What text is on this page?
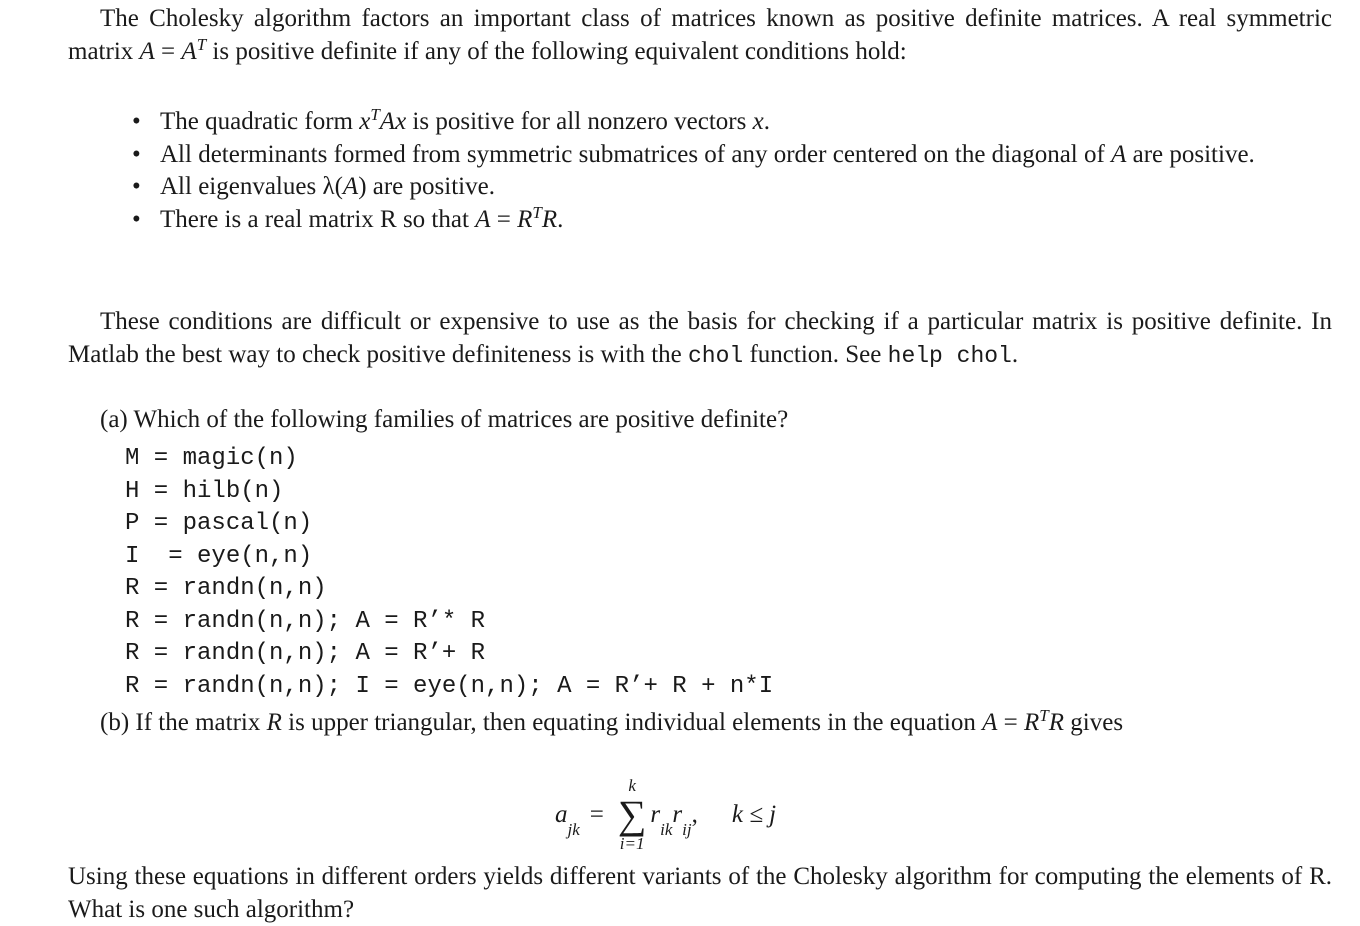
The Cholesky algorithm factors an important class of matrices known as positive definite matrices. A real symmetric matrix $A = A^T$ is positive definite if any of the following equivalent conditions hold:

• The quadratic form $x^TAx$ is positive for all nonzero vectors x.
• All determinants formed from symmetric submatrices of any order centered on the diagonal of A are positive.
• All eigenvalues λ(A) are positive.
• There is a real matrix R so that $A = R^TR$.

These conditions are difficult or expensive to use as the basis for checking if a particular matrix is positive definite. In Matlab the best way to check positive definiteness is with the chol function. See help chol.

(a) Which of the following families of matrices are positive definite?

M = magic(n)
H = hilb(n)
P = pascal(n)
I  = eye(n,n)
R = randn(n,n)
R = randn(n,n); A = R’* R
R = randn(n,n); A = R’+ R
R = randn(n,n); I = eye(n,n); A = R’+ R + n*I

(b) If the matrix R is upper triangular, then equating individual elements in the equation $A = R^TR$ gives

a
jk
=
k
∑
i=1
r
ik
r
ij
, k ≤ j

Using these equations in different orders yields different variants of the Cholesky algorithm for computing the elements of R. What is one such algorithm?
